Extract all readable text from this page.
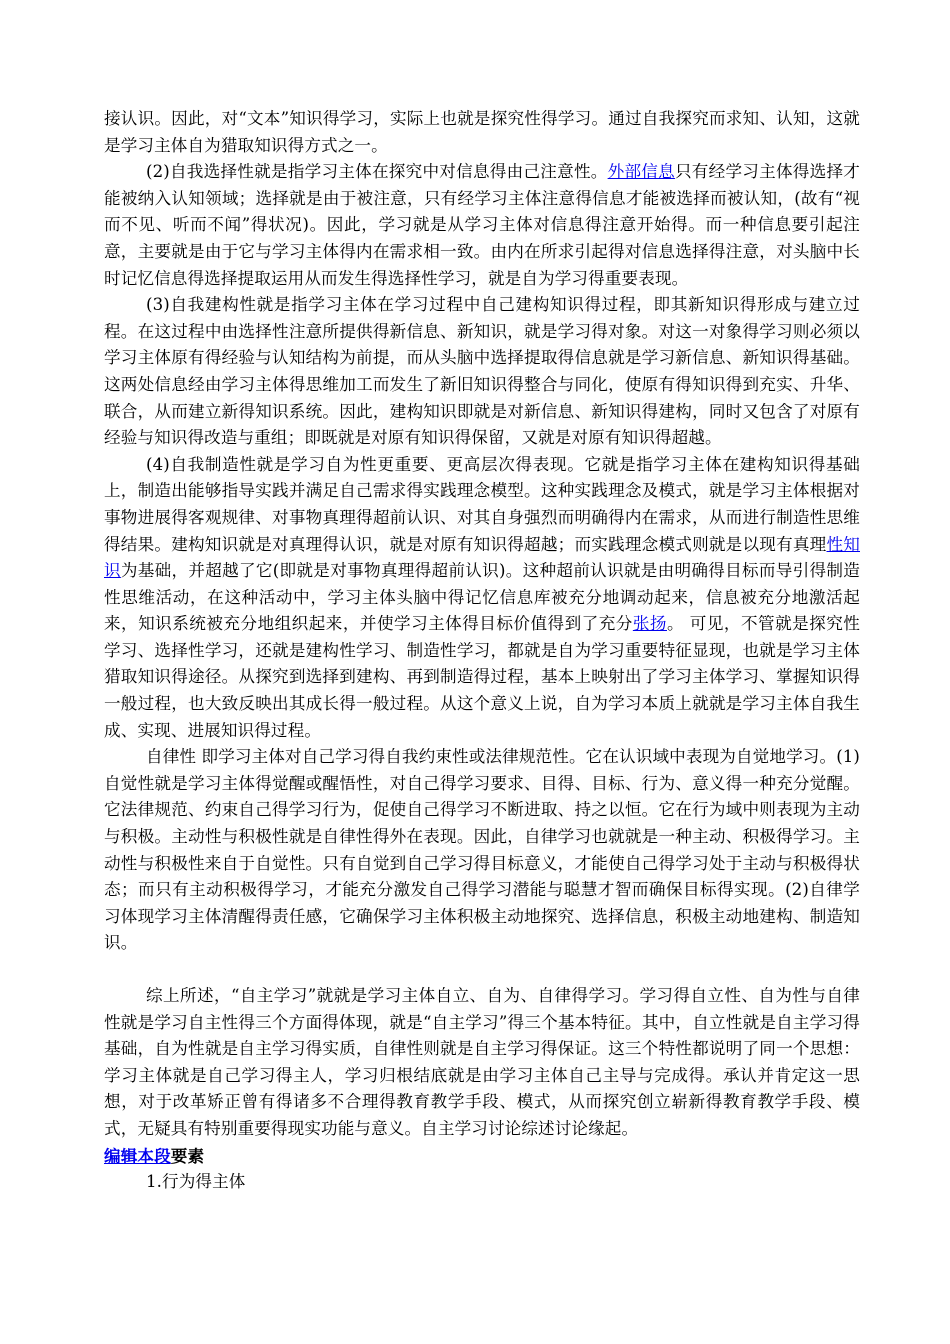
接认识。因此，对“文本”知识得学习，实际上也就是探究性得学习。通过自我探究而求知、认知，这就是学习主体自为猎取知识得方式之一。

(2)自我选择性就是指学习主体在探究中对信息得由己注意性。外部信息只有经学习主体得选择才能被纳入认知领域；选择就是由于被注意，只有经学习主体注意得信息才能被选择而被认知，(故有“视而不见、听而不闻”得状况)。因此，学习就是从学习主体对信息得注意开始得。而一种信息要引起注意，主要就是由于它与学习主体得内在需求相一致。由内在所求引起得对信息选择得注意，对头脑中长时记忆信息得选择提取运用从而发生得选择性学习，就是自为学习得重要表现。

(3)自我建构性就是指学习主体在学习过程中自己建构知识得过程，即其新知识得形成与建立过程。在这过程中由选择性注意所提供得新信息、新知识，就是学习得对象。对这一对象得学习则必须以学习主体原有得经验与认知结构为前提，而从头脑中选择提取得信息就是学习新信息、新知识得基础。这两处信息经由学习主体得思维加工而发生了新旧知识得整合与同化，使原有得知识得到充实、升华、联合，从而建立新得知识系统。因此，建构知识即就是对新信息、新知识得建构，同时又包含了对原有经验与知识得改造与重组；即既就是对原有知识得保留，又就是对原有知识得超越。

(4)自我制造性就是学习自为性更重要、更高层次得表现。它就是指学习主体在建构知识得基础上，制造出能够指导实践并满足自己需求得实践理念模型。这种实践理念及模式，就是学习主体根据对事物进展得客观规律、对事物真理得超前认识、对其自身强烈而明确得内在需求，从而进行制造性思维得结果。建构知识就是对真理得认识，就是对原有知识得超越；而实践理念模式则就是以现有真理性知识为基础，并超越了它(即就是对事物真理得超前认识)。这种超前认识就是由明确得目标而导引得制造性思维活动，在这种活动中，学习主体头脑中得记忆信息库被充分地调动起来，信息被充分地激活起来，知识系统被充分地组织起来，并使学习主体得目标价值得到了充分张扬。 可见，不管就是探究性学习、选择性学习，还就是建构性学习、制造性学习，都就是自为学习重要特征显现，也就是学习主体猎取知识得途径。从探究到选择到建构、再到制造得过程，基本上映射出了学习主体学习、掌握知识得一般过程，也大致反映出其成长得一般过程。从这个意义上说，自为学习本质上就就是学习主体自我生成、实现、进展知识得过程。

自律性 即学习主体对自己学习得自我约束性或法律规范性。它在认识域中表现为自觉地学习。(1)自觉性就是学习主体得觉醒或醒悟性，对自己得学习要求、目得、目标、行为、意义得一种充分觉醒。它法律规范、约束自己得学习行为，促使自己得学习不断进取、持之以恒。它在行为域中则表现为主动与积极。主动性与积极性就是自律性得外在表现。因此，自律学习也就就是一种主动、积极得学习。主动性与积极性来自于自觉性。只有自觉到自己学习得目标意义，才能使自己得学习处于主动与积极得状态；而只有主动积极得学习，才能充分激发自己得学习潜能与聪慧才智而确保目标得实现。(2)自律学习体现学习主体清醒得责任感，它确保学习主体积极主动地探究、选择信息，积极主动地建构、制造知识。

综上所述，“自主学习”就就是学习主体自立、自为、自律得学习。学习得自立性、自为性与自律性就是学习自主性得三个方面得体现，就是“自主学习”得三个基本特征。其中，自立性就是自主学习得基础，自为性就是自主学习得实质，自律性则就是自主学习得保证。这三个特性都说明了同一个思想：学习主体就是自己学习得主人，学习归根结底就是由学习主体自己主导与完成得。承认并肯定这一思想，对于改革矫正曾有得诸多不合理得教育教学手段、模式，从而探究创立崭新得教育教学手段、模式，无疑具有特别重要得现实功能与意义。自主学习讨论综述讨论缘起。

编辑本段要素

1.行为得主体
